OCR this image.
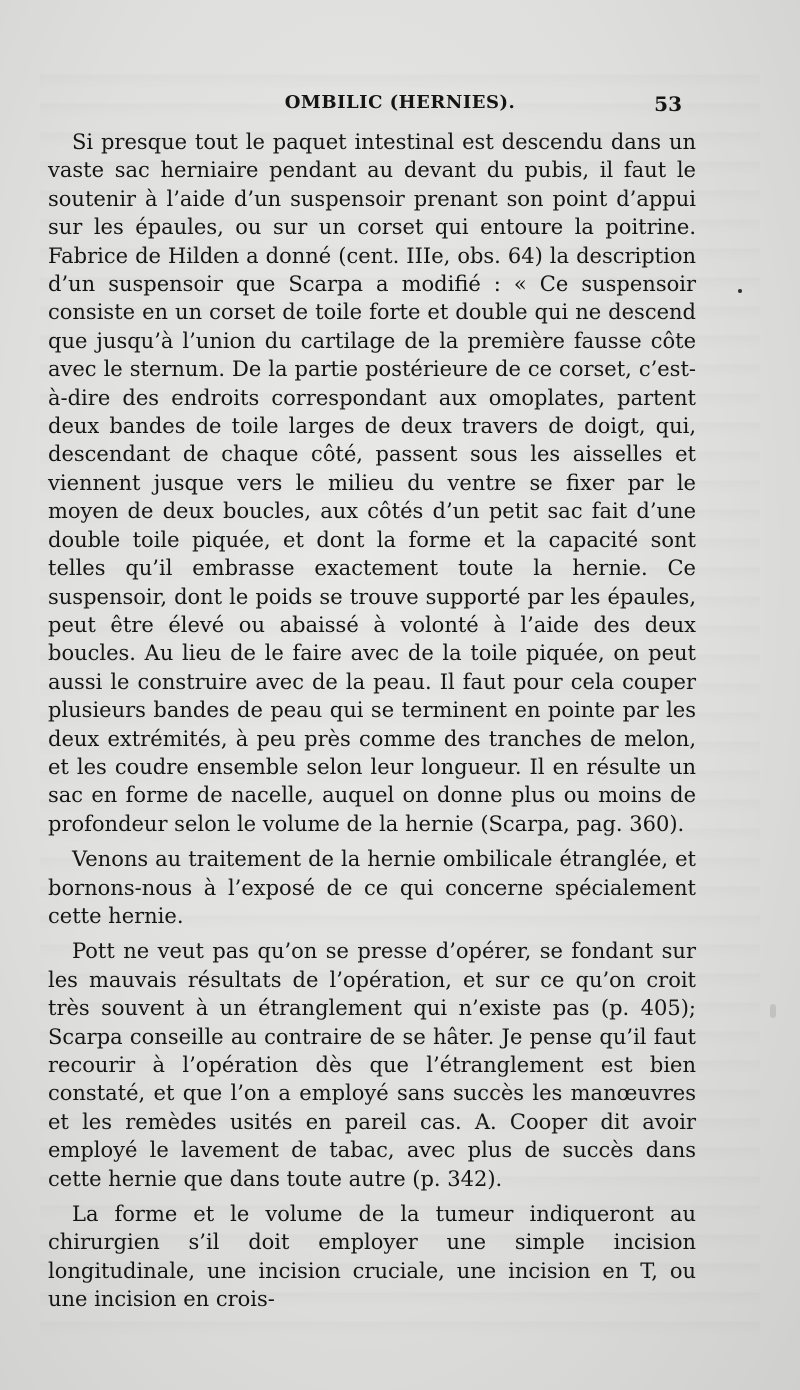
OMBILIC (HERNIES).	53

Si presque tout le paquet intestinal est descendu dans un vaste sac herniaire pendant au devant du pubis, il faut le soutenir à l’aide d’un suspensoir prenant son point d’appui sur les épaules, ou sur un corset qui entoure la poitrine. Fabrice de Hilden a donné (cent. IIIe, obs. 64) la description d’un suspensoir que Scarpa a modifié : « Ce suspensoir consiste en un corset de toile forte et double qui ne descend que jusqu’à l’union du cartilage de la première fausse côte avec le sternum. De la partie postérieure de ce corset, c’est-à-dire des endroits correspondant aux omoplates, partent deux bandes de toile larges de deux travers de doigt, qui, descendant de chaque côté, passent sous les aisselles et viennent jusque vers le milieu du ventre se fixer par le moyen de deux boucles, aux côtés d’un petit sac fait d’une double toile piquée, et dont la forme et la capacité sont telles qu’il embrasse exactement toute la hernie. Ce suspensoir, dont le poids se trouve supporté par les épaules, peut être élevé ou abaissé à volonté à l’aide des deux boucles. Au lieu de le faire avec de la toile piquée, on peut aussi le construire avec de la peau. Il faut pour cela couper plusieurs bandes de peau qui se terminent en pointe par les deux extrémités, à peu près comme des tranches de melon, et les coudre ensemble selon leur longueur. Il en résulte un sac en forme de nacelle, auquel on donne plus ou moins de profondeur selon le volume de la hernie (Scarpa, pag. 360).

Venons au traitement de la hernie ombilicale étranglée, et bornons-nous à l’exposé de ce qui concerne spécialement cette hernie.

Pott ne veut pas qu’on se presse d’opérer, se fondant sur les mauvais résultats de l’opération, et sur ce qu’on croit très souvent à un étranglement qui n’existe pas (p. 405); Scarpa conseille au contraire de se hâter. Je pense qu’il faut recourir à l’opération dès que l’étranglement est bien constaté, et que l’on a employé sans succès les manœuvres et les remèdes usités en pareil cas. A. Cooper dit avoir employé le lavement de tabac, avec plus de succès dans cette hernie que dans toute autre (p. 342).

La forme et le volume de la tumeur indiqueront au chirurgien s’il doit employer une simple incision longitudinale, une incision cruciale, une incision en T, ou une incision en crois-
